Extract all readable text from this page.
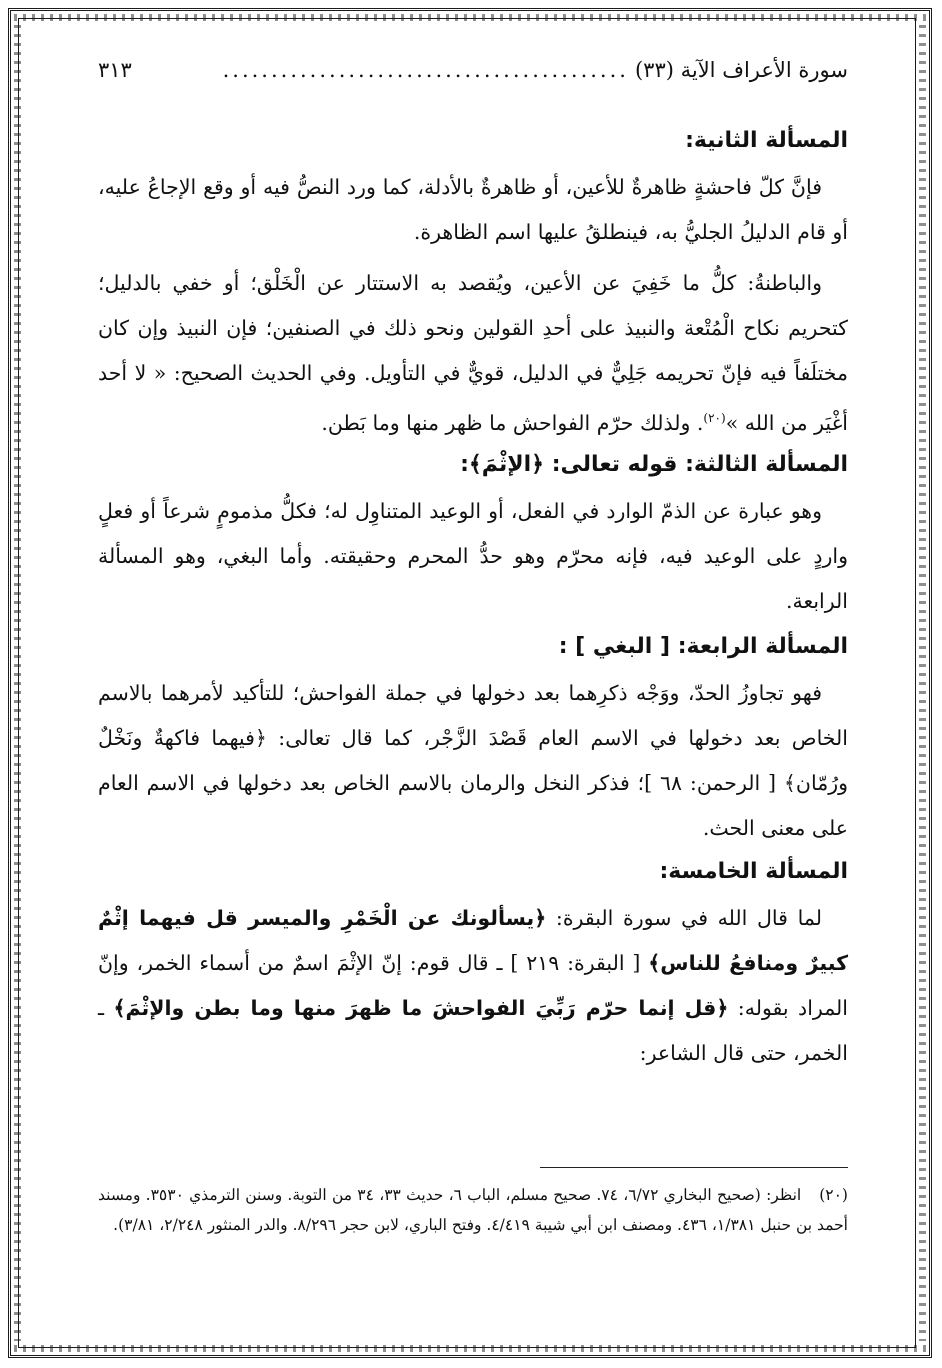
سورة الأعراف الآية (٣٣)
..........................................
٣١٣
المسألة الثانية:

فإنَّ كلّ فاحشةٍ ظاهرةٌ للأعين، أو ظاهرةٌ بالأدلة، كما ورد النصُّ فيه أو وقع الإجاعُ عليه، أو قام الدليلُ الجليُّ به، فينطلقُ عليها اسم الظاهرة.

والباطنةُ: كلُّ ما خَفِيَ عن الأعين، ويُقصد به الاستتار عن الْخَلْق؛ أو خفي بالدليل؛ كتحريم نكاح الْمُتْعة والنبيذ على أحدِ القولين ونحو ذلك في الصنفين؛ فإن النبيذ وإن كان مختلَفاً فيه فإنّ تحريمه جَلِيٌّ في الدليل، قويٌّ في التأويل. وفي الحديث الصحيح: « لا أحد أغْيَر من الله »$^{(٢٠)}$. ولذلك حرّم الفواحش ما ظهر منها وما بَطن.

المسألة الثالثة: قوله تعالى: ﴿الإثْمَ﴾:

وهو عبارة عن الذمّ الوارد في الفعل، أو الوعيد المتناوِل له؛ فكلُّ مذمومٍ شرعاً أو فعلٍ واردٍ على الوعيد فيه، فإنه محرّم وهو حدُّ المحرم وحقيقته. وأما البغي، وهو المسألة الرابعة.

المسألة الرابعة: [ البغي ] :

فهو تجاوزُ الحدّ، ووَجْه ذكرِهما بعد دخولها في جملة الفواحش؛ للتأكيد لأمرهما بالاسم الخاص بعد دخولها في الاسم العام قَصْدَ الزَّجْر، كما قال تعالى: ﴿فيهما فاكهةٌ ونَخْلٌ ورُمّان﴾ [ الرحمن: ٦٨ ]؛ فذكر النخل والرمان بالاسم الخاص بعد دخولها في الاسم العام على معنى الحث.

المسألة الخامسة:

لما قال الله في سورة البقرة: ﴿يسألونك عن الْخَمْرِ والميسر قل فيهما إثْمٌ كبيرٌ ومنافعُ للناس﴾ [ البقرة: ٢١٩ ] ـ قال قوم: إنّ الإثْمَ اسمٌ من أسماء الخمر، وإنّ المراد بقوله: ﴿قل إنما حرّم رَبِّيَ الفواحشَ ما ظهرَ منها وما بطن والإثْمَ﴾ ـ الخمر، حتى قال الشاعر:

(٢٠)انظر: (صحيح البخاري ٦/٧٢، ٧٤. صحيح مسلم، الباب ٦، حديث ٣٣، ٣٤ من التوبة. وسنن الترمذي ٣٥٣٠. ومسند أحمد بن حنبل ١/٣٨١، ٤٣٦. ومصنف ابن أبي شيبة ٤/٤١٩. وفتح الباري، لابن حجر ٨/٢٩٦. والدر المنثور ٢/٢٤٨، ٣/٨١).
